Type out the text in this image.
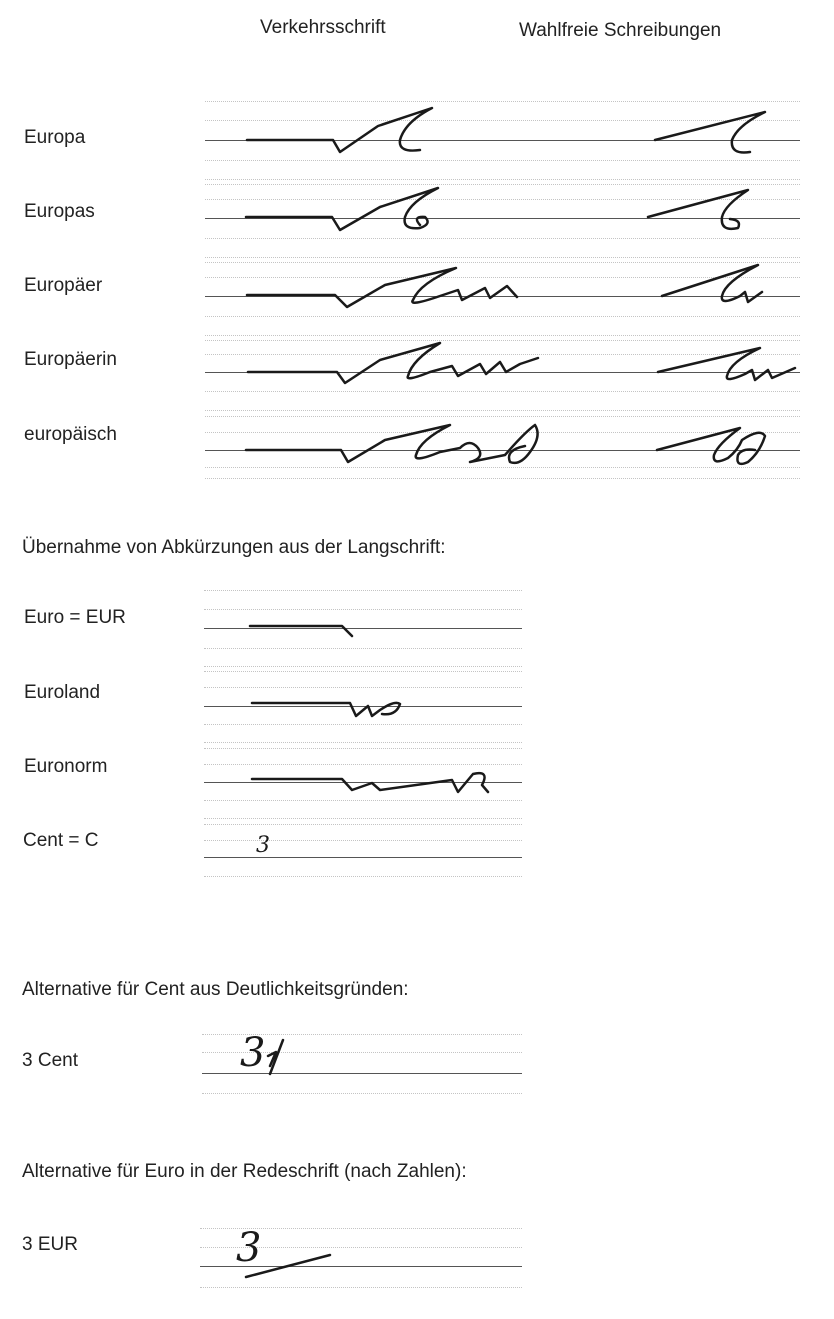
Verkehrsschrift	Wahlfreie Schreibungen
Europa
Europas
Europäer
Europäerin
europäisch
Übernahme von Abkürzungen aus der Langschrift:
Euro = EUR
Euroland
Euronorm
Cent = C	3
Alternative für Cent aus Deutlichkeitsgründen:
3 Cent	3
Alternative für Euro in der Redeschrift (nach Zahlen):
3 EUR	3
